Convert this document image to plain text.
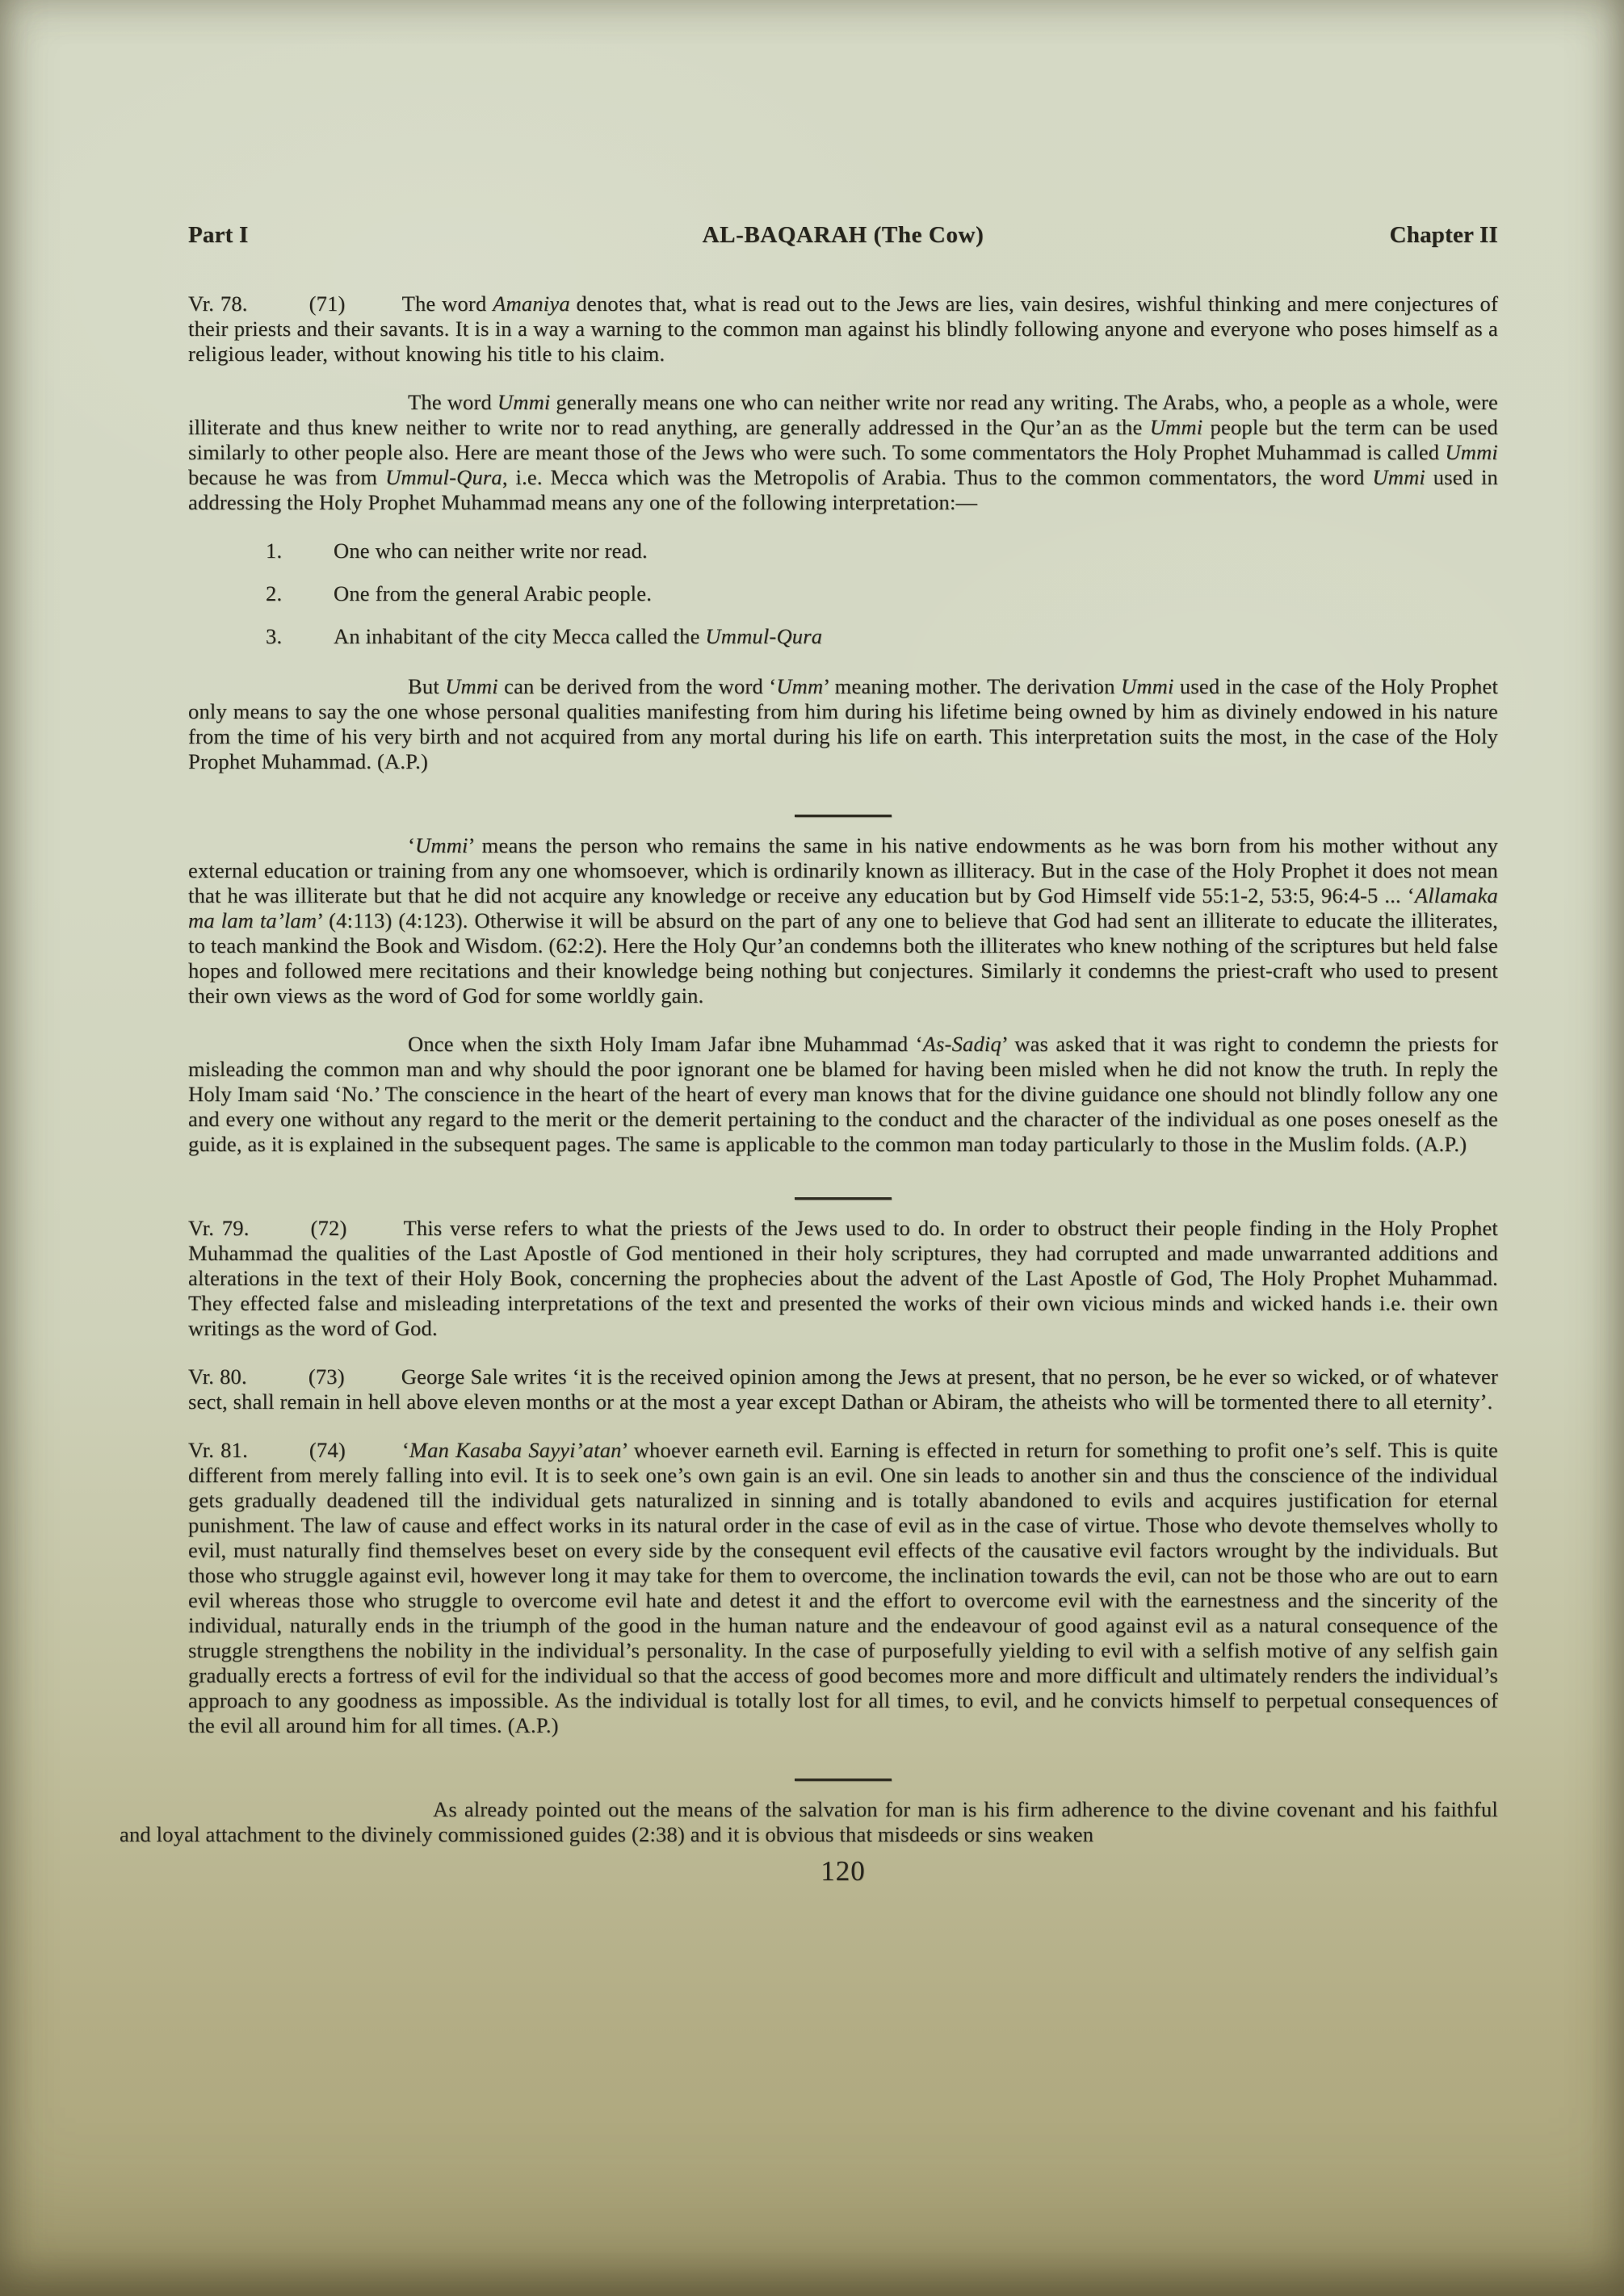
Part I	AL-BAQARAH (The Cow)	Chapter II

Vr. 78.	(71)	The word Amaniya denotes that, what is read out to the Jews are lies, vain desires, wishful thinking and mere conjectures of their priests and their savants. It is in a way a warning to the common man against his blindly following anyone and everyone who poses himself as a religious leader, without knowing his title to his claim.

The word Ummi generally means one who can neither write nor read any writing. The Arabs, who, a people as a whole, were illiterate and thus knew neither to write nor to read anything, are generally addressed in the Qur’an as the Ummi people but the term can be used similarly to other people also. Here are meant those of the Jews who were such. To some commentators the Holy Prophet Muhammad is called Ummi because he was from Ummul-Qura, i.e. Mecca which was the Metropolis of Arabia. Thus to the common commentators, the word Ummi used in addressing the Holy Prophet Muhammad means any one of the following interpretation:—

1.	One who can neither write nor read.
2.	One from the general Arabic people.
3.	An inhabitant of the city Mecca called the Ummul-Qura

But Ummi can be derived from the word ‘Umm’ meaning mother. The derivation Ummi used in the case of the Holy Prophet only means to say the one whose personal qualities manifesting from him during his lifetime being owned by him as divinely endowed in his nature from the time of his very birth and not acquired from any mortal during his life on earth. This interpretation suits the most, in the case of the Holy Prophet Muhammad. (A.P.)

‘Ummi’ means the person who remains the same in his native endowments as he was born from his mother without any external education or training from any one whomsoever, which is ordinarily known as illiteracy. But in the case of the Holy Prophet it does not mean that he was illiterate but that he did not acquire any knowledge or receive any education but by God Himself vide 55:1-2, 53:5, 96:4-5 ... ‘Allamaka ma lam ta’lam’ (4:113) (4:123). Otherwise it will be absurd on the part of any one to believe that God had sent an illiterate to educate the illiterates, to teach mankind the Book and Wisdom. (62:2). Here the Holy Qur’an condemns both the illiterates who knew nothing of the scriptures but held false hopes and followed mere recitations and their knowledge being nothing but conjectures. Similarly it condemns the priest-craft who used to present their own views as the word of God for some worldly gain.

Once when the sixth Holy Imam Jafar ibne Muhammad ‘As-Sadiq’ was asked that it was right to condemn the priests for misleading the common man and why should the poor ignorant one be blamed for having been misled when he did not know the truth. In reply the Holy Imam said ‘No.’ The conscience in the heart of the heart of every man knows that for the divine guidance one should not blindly follow any one and every one without any regard to the merit or the demerit pertaining to the conduct and the character of the individual as one poses oneself as the guide, as it is explained in the subsequent pages. The same is applicable to the common man today particularly to those in the Muslim folds. (A.P.)

Vr. 79.	(72)	This verse refers to what the priests of the Jews used to do. In order to obstruct their people finding in the Holy Prophet Muhammad the qualities of the Last Apostle of God mentioned in their holy scriptures, they had corrupted and made unwarranted additions and alterations in the text of their Holy Book, concerning the prophecies about the advent of the Last Apostle of God, The Holy Prophet Muhammad. They effected false and misleading interpretations of the text and presented the works of their own vicious minds and wicked hands i.e. their own writings as the word of God.

Vr. 80.	(73)	George Sale writes ‘it is the received opinion among the Jews at present, that no person, be he ever so wicked, or of whatever sect, shall remain in hell above eleven months or at the most a year except Dathan or Abiram, the atheists who will be tormented there to all eternity’.

Vr. 81.	(74)	‘Man Kasaba Sayyi’atan’ whoever earneth evil. Earning is effected in return for something to profit one’s self. This is quite different from merely falling into evil. It is to seek one’s own gain is an evil. One sin leads to another sin and thus the conscience of the individual gets gradually deadened till the individual gets naturalized in sinning and is totally abandoned to evils and acquires justification for eternal punishment. The law of cause and effect works in its natural order in the case of evil as in the case of virtue. Those who devote themselves wholly to evil, must naturally find themselves beset on every side by the consequent evil effects of the causative evil factors wrought by the individuals. But those who struggle against evil, however long it may take for them to overcome, the inclination towards the evil, can not be those who are out to earn evil whereas those who struggle to overcome evil hate and detest it and the effort to overcome evil with the earnestness and the sincerity of the individual, naturally ends in the triumph of the good in the human nature and the endeavour of good against evil as a natural consequence of the struggle strengthens the nobility in the individual’s personality. In the case of purposefully yielding to evil with a selfish motive of any selfish gain gradually erects a fortress of evil for the individual so that the access of good becomes more and more difficult and ultimately renders the individual’s approach to any goodness as impossible. As the individual is totally lost for all times, to evil, and he convicts himself to perpetual consequences of the evil all around him for all times. (A.P.)

As already pointed out the means of the salvation for man is his firm adherence to the divine covenant and his faithful and loyal attachment to the divinely commissioned guides (2:38) and it is obvious that misdeeds or sins weaken

120
